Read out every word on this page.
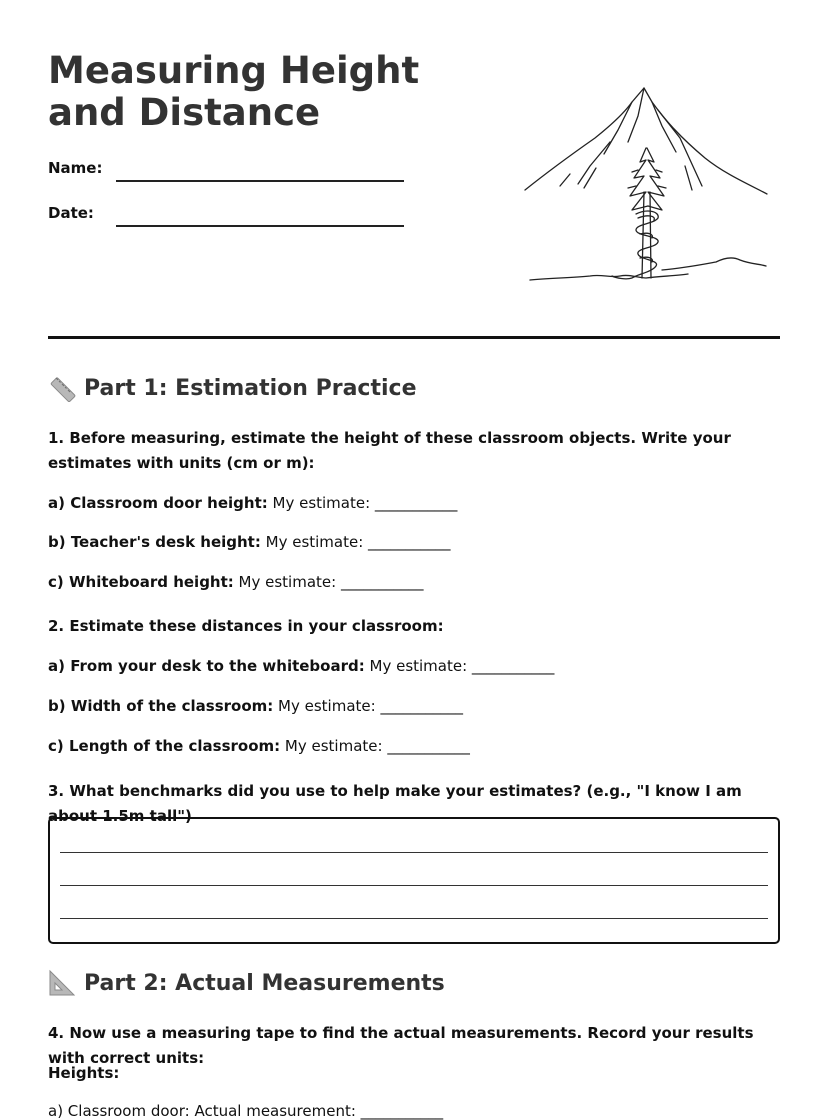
Measuring Height and Distance
Name:
Date:
Part 1: Estimation Practice
1. Before measuring, estimate the height of these classroom objects. Write your estimates with units (cm or m):
a) Classroom door height: My estimate: ___________
b) Teacher's desk height: My estimate: ___________
c) Whiteboard height: My estimate: ___________
2. Estimate these distances in your classroom:
a) From your desk to the whiteboard: My estimate: ___________
b) Width of the classroom: My estimate: ___________
c) Length of the classroom: My estimate: ___________
3. What benchmarks did you use to help make your estimates? (e.g., "I know I am about 1.5m tall")
Part 2: Actual Measurements
4. Now use a measuring tape to find the actual measurements. Record your results with correct units:
Heights:
a) Classroom door: Actual measurement: ___________
